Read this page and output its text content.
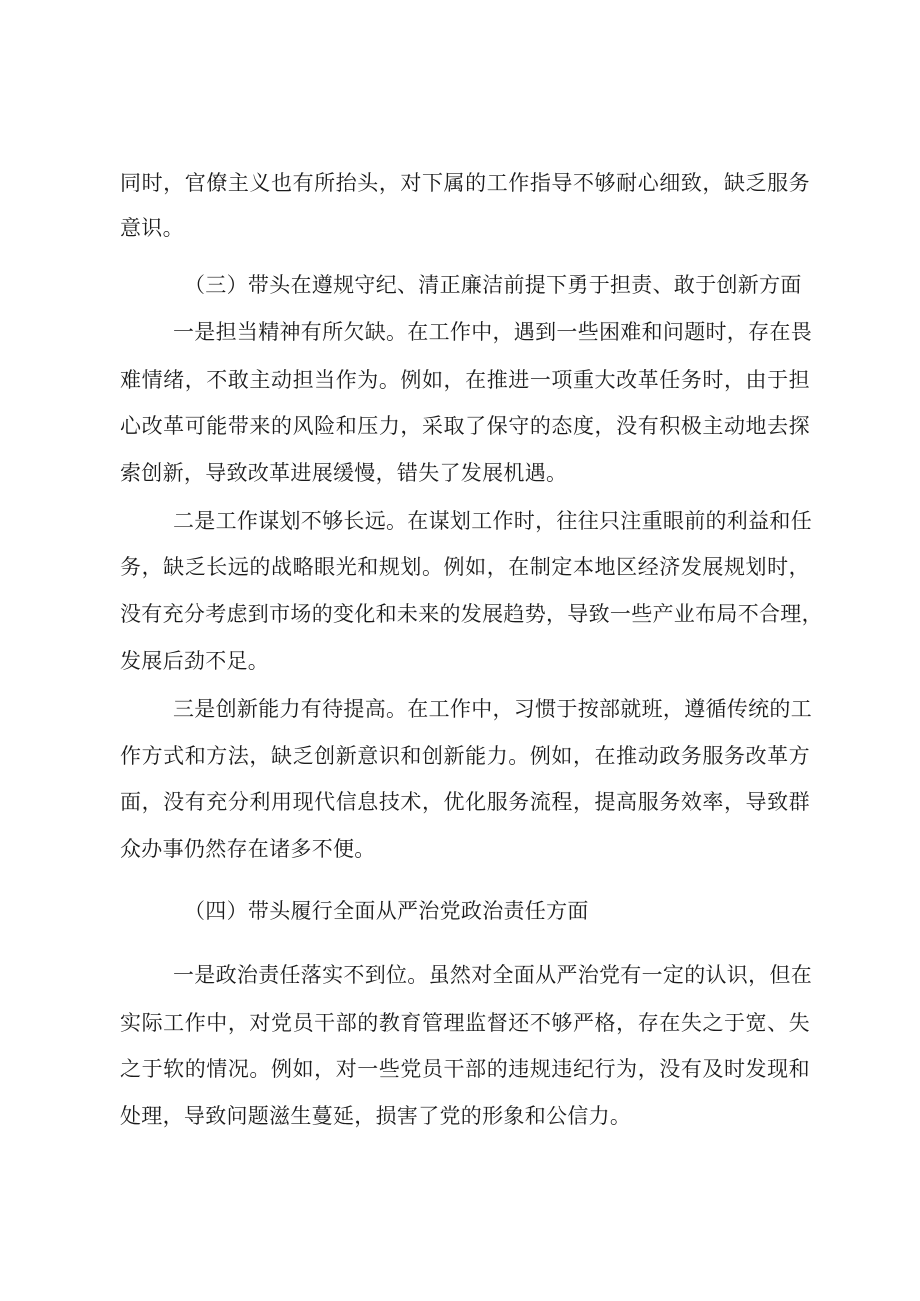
同时，官僚主义也有所抬头，对下属的工作指导不够耐心细致，缺乏服务
意识。
（三）带头在遵规守纪、清正廉洁前提下勇于担责、敢于创新方面
一是担当精神有所欠缺。在工作中，遇到一些困难和问题时，存在畏
难情绪，不敢主动担当作为。例如，在推进一项重大改革任务时，由于担
心改革可能带来的风险和压力，采取了保守的态度，没有积极主动地去探
索创新，导致改革进展缓慢，错失了发展机遇。
二是工作谋划不够长远。在谋划工作时，往往只注重眼前的利益和任
务，缺乏长远的战略眼光和规划。例如，在制定本地区经济发展规划时，
没有充分考虑到市场的变化和未来的发展趋势，导致一些产业布局不合理，
发展后劲不足。
三是创新能力有待提高。在工作中，习惯于按部就班，遵循传统的工
作方式和方法，缺乏创新意识和创新能力。例如，在推动政务服务改革方
面，没有充分利用现代信息技术，优化服务流程，提高服务效率，导致群
众办事仍然存在诸多不便。
（四）带头履行全面从严治党政治责任方面
一是政治责任落实不到位。虽然对全面从严治党有一定的认识，但在
实际工作中，对党员干部的教育管理监督还不够严格，存在失之于宽、失
之于软的情况。例如，对一些党员干部的违规违纪行为，没有及时发现和
处理，导致问题滋生蔓延，损害了党的形象和公信力。
